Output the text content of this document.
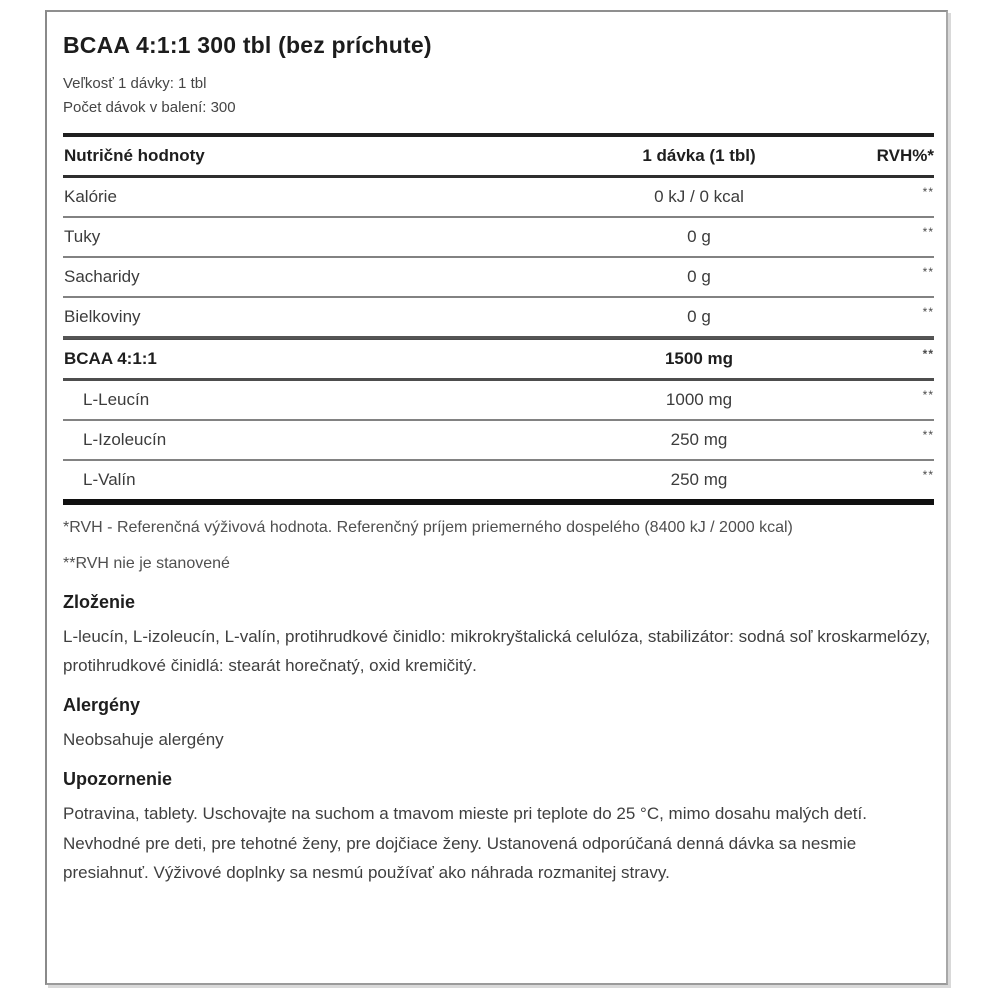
BCAA 4:1:1 300 tbl (bez príchute)
Veľkosť 1 dávky: 1 tbl
Počet dávok v balení: 300
Nutričné hodnoty	1 dávka (1 tbl)	RVH%*
Kalórie	0 kJ / 0 kcal	**
Tuky	0 g	**
Sacharidy	0 g	**
Bielkoviny	0 g	**
BCAA 4:1:1	1500 mg	**
L-Leucín	1000 mg	**
L-Izoleucín	250 mg	**
L-Valín	250 mg	**

*RVH - Referenčná výživová hodnota. Referenčný príjem priemerného dospelého (8400 kJ / 2000 kcal)

**RVH nie je stanovené

Zloženie

L-leucín, L-izoleucín, L-valín, protihrudkové činidlo: mikrokryštalická celulóza, stabilizátor: sodná soľ kroskarmelózy, protihrudkové činidlá: stearát horečnatý, oxid kremičitý.

Alergény

Neobsahuje alergény

Upozornenie

Potravina, tablety. Uschovajte na suchom a tmavom mieste pri teplote do 25 °C, mimo dosahu malých detí. Nevhodné pre deti, pre tehotné ženy, pre dojčiace ženy. Ustanovená odporúčaná denná dávka sa nesmie presiahnuť. Výživové doplnky sa nesmú používať ako náhrada rozmanitej stravy.
